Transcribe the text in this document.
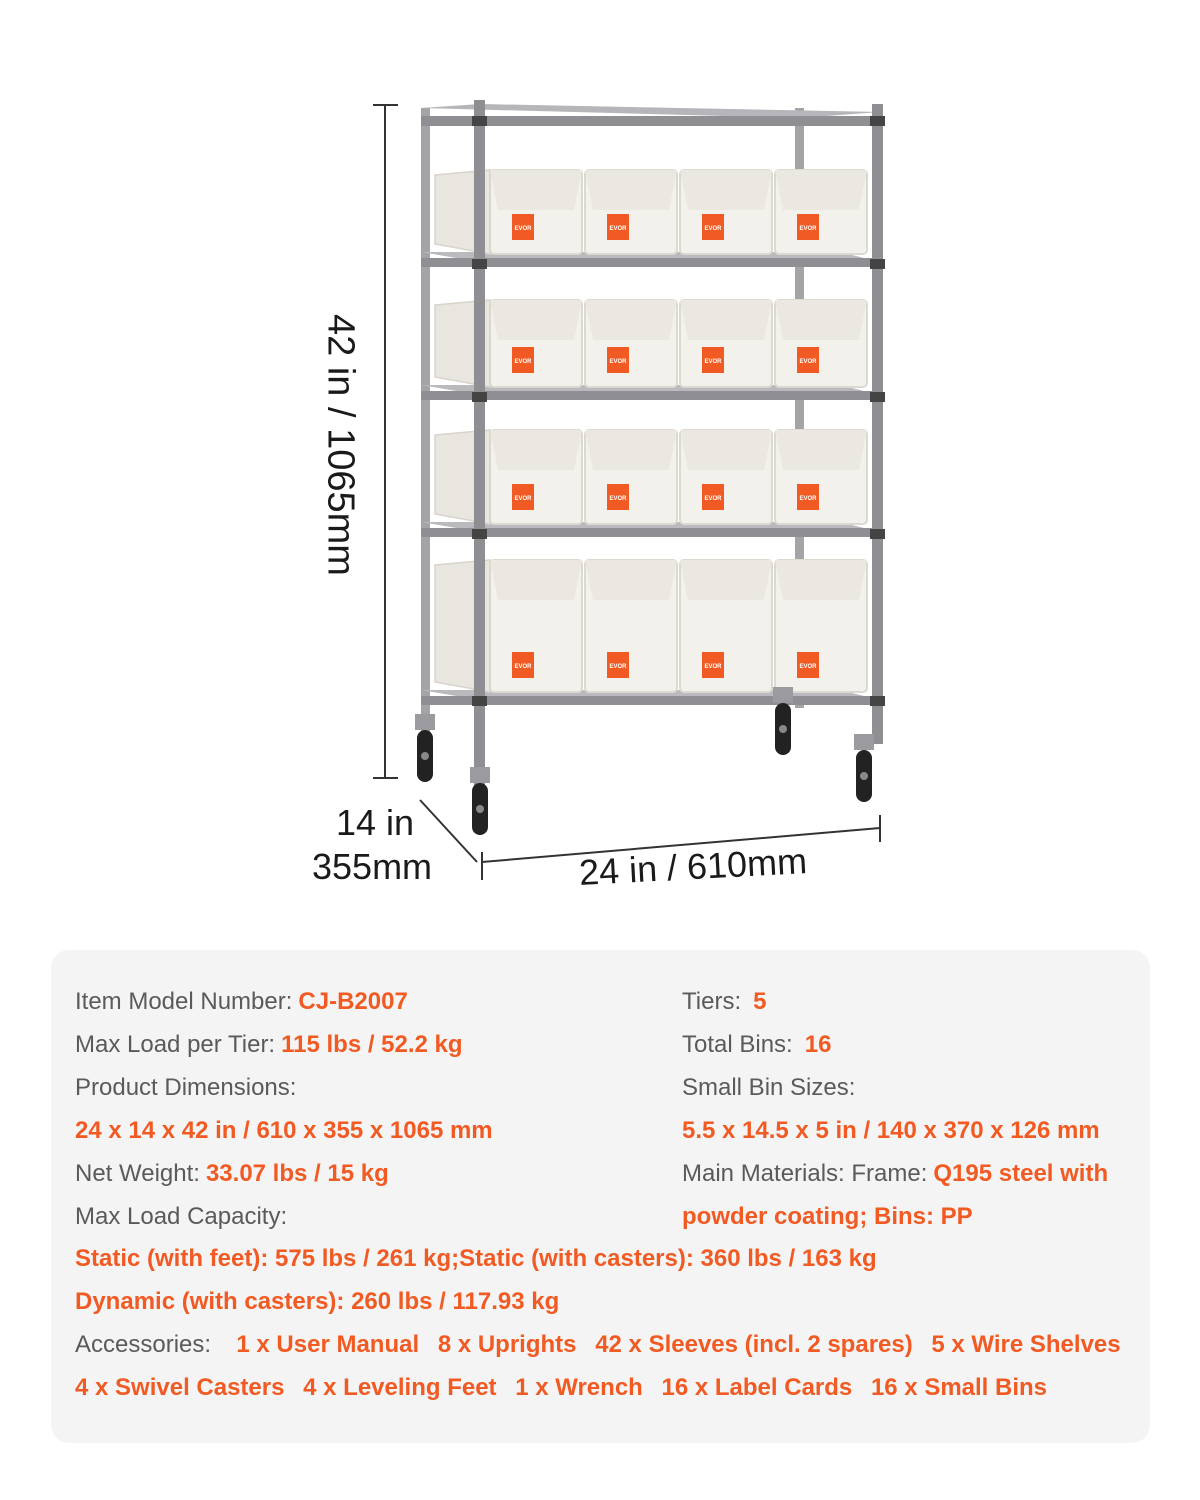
EVOR	EVOR	EVOR	EVOR
EVOR	EVOR	EVOR	EVOR
EVOR	EVOR	EVOR	EVOR
EVOR	EVOR	EVOR	EVOR
42 in / 1065mm
14 in
355mm	24 in / 610mm
Item Model Number: CJ-B2007	Tiers: 5
Max Load per Tier: 115 lbs / 52.2 kg	Total Bins: 16
Product Dimensions:	Small Bin Sizes:
24 x 14 x 42 in / 610 x 355 x 1065 mm	5.5 x 14.5 x 5 in / 140 x 370 x 126 mm
Net Weight: 33.07 lbs / 15 kg	Main Materials: Frame: Q195 steel with
Max Load Capacity:	powder coating; Bins: PP
Static (with feet): 575 lbs / 261 kg;Static (with casters): 360 lbs / 163 kg
Dynamic (with casters): 260 lbs / 117.93 kg
Accessories: 1 x User Manual 8 x Uprights 42 x Sleeves (incl. 2 spares) 5 x Wire Shelves
4 x Swivel Casters 4 x Leveling Feet 1 x Wrench 16 x Label Cards 16 x Small Bins
